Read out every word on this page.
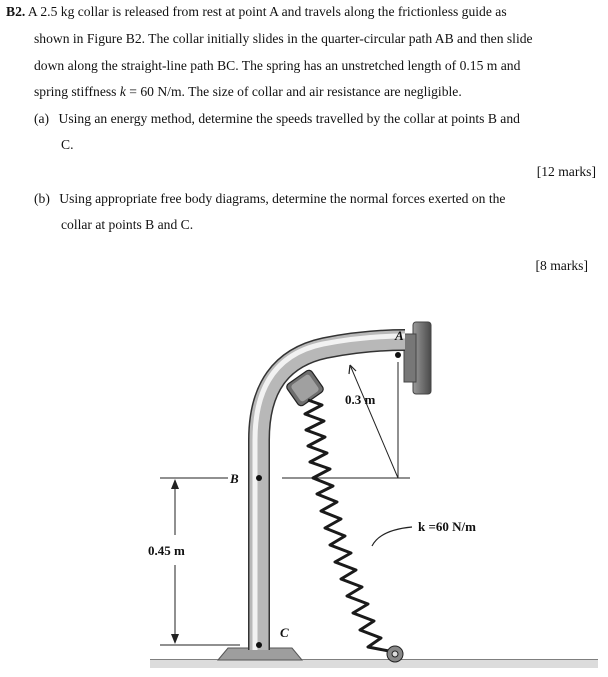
B2. A 2.5 kg collar is released from rest at point A and travels along the frictionless guide as
shown in Figure B2. The collar initially slides in the quarter-circular path AB and then slide
down along the straight-line path BC. The spring has an unstretched length of 0.15 m and
spring stiffness k = 60 N/m. The size of collar and air resistance are negligible.
(a) Using an energy method, determine the speeds travelled by the collar at points B and
C.
[12 marks]
(b) Using appropriate free body diagrams, determine the normal forces exerted on the
collar at points B and C.
[8 marks]
A
B
C
0.3 m
0.45 m
k =60 N/m
